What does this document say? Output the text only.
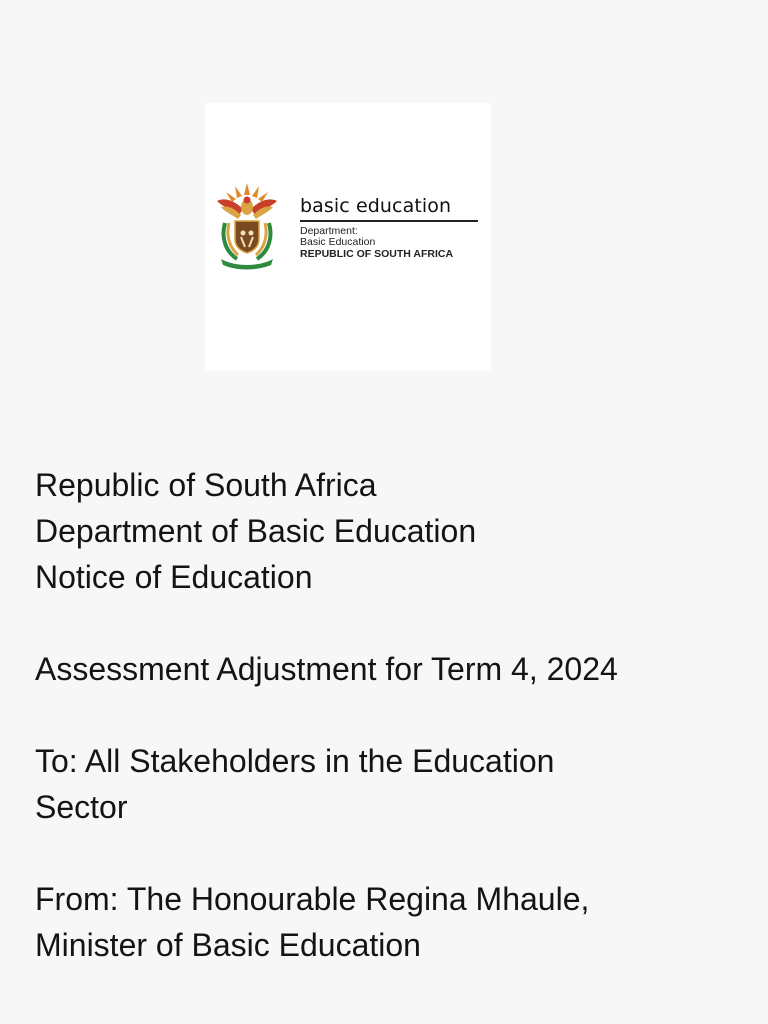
basic education
Department:
Basic Education
REPUBLIC OF SOUTH AFRICA

Republic of South Africa

Department of Basic Education

Notice of Education

Assessment Adjustment for Term 4, 2024

To: All Stakeholders in the Education

Sector

From: The Honourable Regina Mhaule,

Minister of Basic Education
